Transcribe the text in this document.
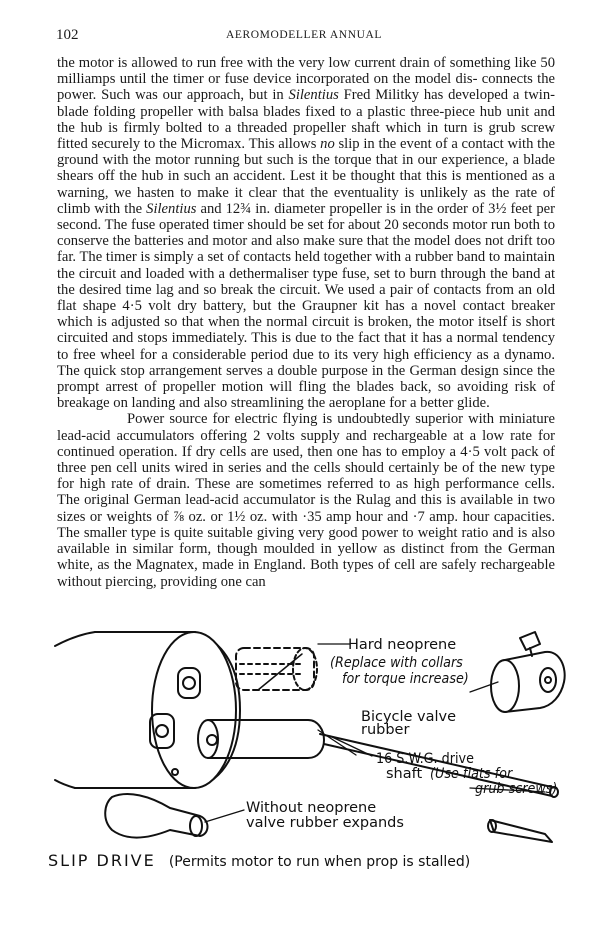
102	AEROMODELLER ANNUAL

the motor is allowed to run free with the very low current drain of something like 50 milliamps until the timer or fuse device incorporated on the model dis- connects the power. Such was our approach, but in Silentius Fred Militky has developed a twin-blade folding propeller with balsa blades fixed to a plastic three-piece hub unit and the hub is firmly bolted to a threaded propeller shaft which in turn is grub screw fitted securely to the Micromax. This allows no slip in the event of a contact with the ground with the motor running but such is the torque that in our experience, a blade shears off the hub in such an accident. Lest it be thought that this is mentioned as a warning, we hasten to make it clear that the eventuality is unlikely as the rate of climb with the Silentius and 12¾ in. diameter propeller is in the order of 3½ feet per second. The fuse operated timer should be set for about 20 seconds motor run both to conserve the batteries and motor and also make sure that the model does not drift too far. The timer is simply a set of contacts held together with a rubber band to maintain the circuit and loaded with a dethermaliser type fuse, set to burn through the band at the desired time lag and so break the circuit. We used a pair of contacts from an old flat shape 4·5 volt dry battery, but the Graupner kit has a novel contact breaker which is adjusted so that when the normal circuit is broken, the motor itself is short circuited and stops immediately. This is due to the fact that it has a normal tendency to free wheel for a considerable period due to its very high efficiency as a dynamo. The quick stop arrangement serves a double purpose in the German design since the prompt arrest of propeller motion will fling the blades back, so avoiding risk of breakage on landing and also streamlining the aeroplane for a better glide.

Power source for electric flying is undoubtedly superior with miniature lead-acid accumulators offering 2 volts supply and rechargeable at a low rate for continued operation. If dry cells are used, then one has to employ a 4·5 volt pack of three pen cell units wired in series and the cells should certainly be of the new type for high rate of drain. These are sometimes referred to as high performance cells. The original German lead-acid accumulator is the Rulag and this is available in two sizes or weights of ⅞ oz. or 1½ oz. with ·35 amp hour and ·7 amp. hour capacities. The smaller type is quite suitable giving very good power to weight ratio and is also available in similar form, though moulded in yellow as distinct from the German white, as the Magnatex, made in England. Both types of cell are safely rechargeable without piercing, providing one can

Hard neoprene
(Replace with collars
for torque increase)
Bicycle valve
rubber
16 S.W.G. drive
shaft (Use flats for
grub screws)
Without neoprene
valve rubber expands
SLIP DRIVE (Permits motor to run when prop is stalled)
